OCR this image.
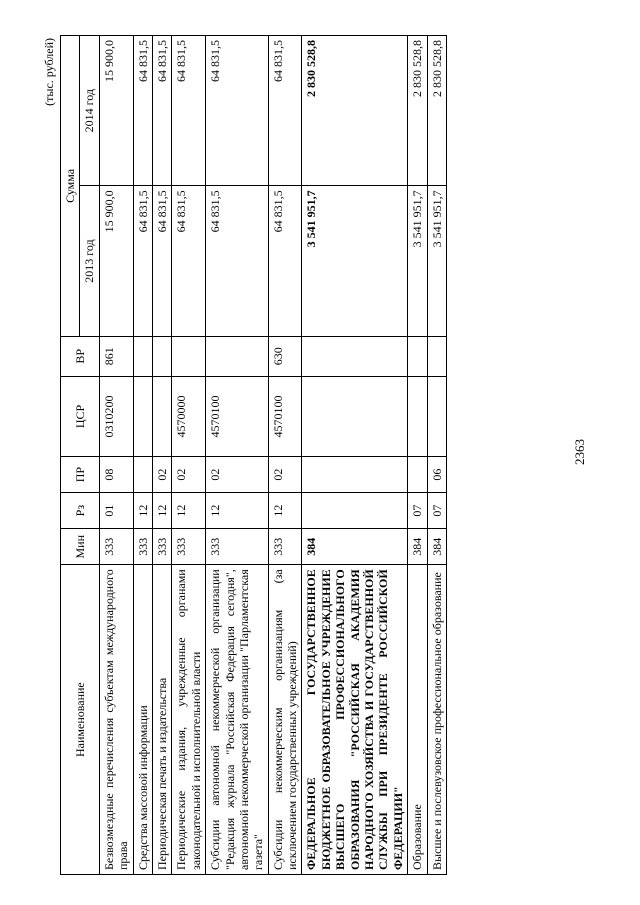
2363
(тыс. рублей)
Наименование	Мин	Рз	ПР	ЦСР	ВР	Сумма	
						2013 год	2014 год
Безвозмездные перечисления субъектам международного права	333	01	08	0310200	861	15 900,0	15 900,0
Средства массовой информации	333	12				64 831,5	64 831,5
Периодическая печать и издательства	333	12	02			64 831,5	64 831,5
Периодические издания, учрежденные органами законодательной и исполнительной власти	333	12	02	4570000		64 831,5	64 831,5
Субсидии автономной некоммерческой организации "Редакция журнала "Российская Федерация сегодня", автономной некоммерческой организации "Парламентская газета"	333	12	02	4570100		64 831,5	64 831,5
Субсидии некоммерческим организациям (за исключением государственных учреждений)	333	12	02	4570100	630	64 831,5	64 831,5
ФЕДЕРАЛЬНОЕ ГОСУДАРСТВЕННОЕ БЮДЖЕТНОЕ ОБРАЗОВАТЕЛЬНОЕ УЧРЕЖДЕНИЕ ВЫСШЕГО ПРОФЕССИОНАЛЬНОГО ОБРАЗОВАНИЯ "РОССИЙСКАЯ АКАДЕМИЯ НАРОДНОГО ХОЗЯЙСТВА И ГОСУДАРСТВЕННОЙ СЛУЖБЫ ПРИ ПРЕЗИДЕНТЕ РОССИЙСКОЙ ФЕДЕРАЦИИ"	384					3 541 951,7	2 830 528,8
Образование	384	07				3 541 951,7	2 830 528,8
Высшее и послевузовское профессиональное образование	384	07	06			3 541 951,7	2 830 528,8
